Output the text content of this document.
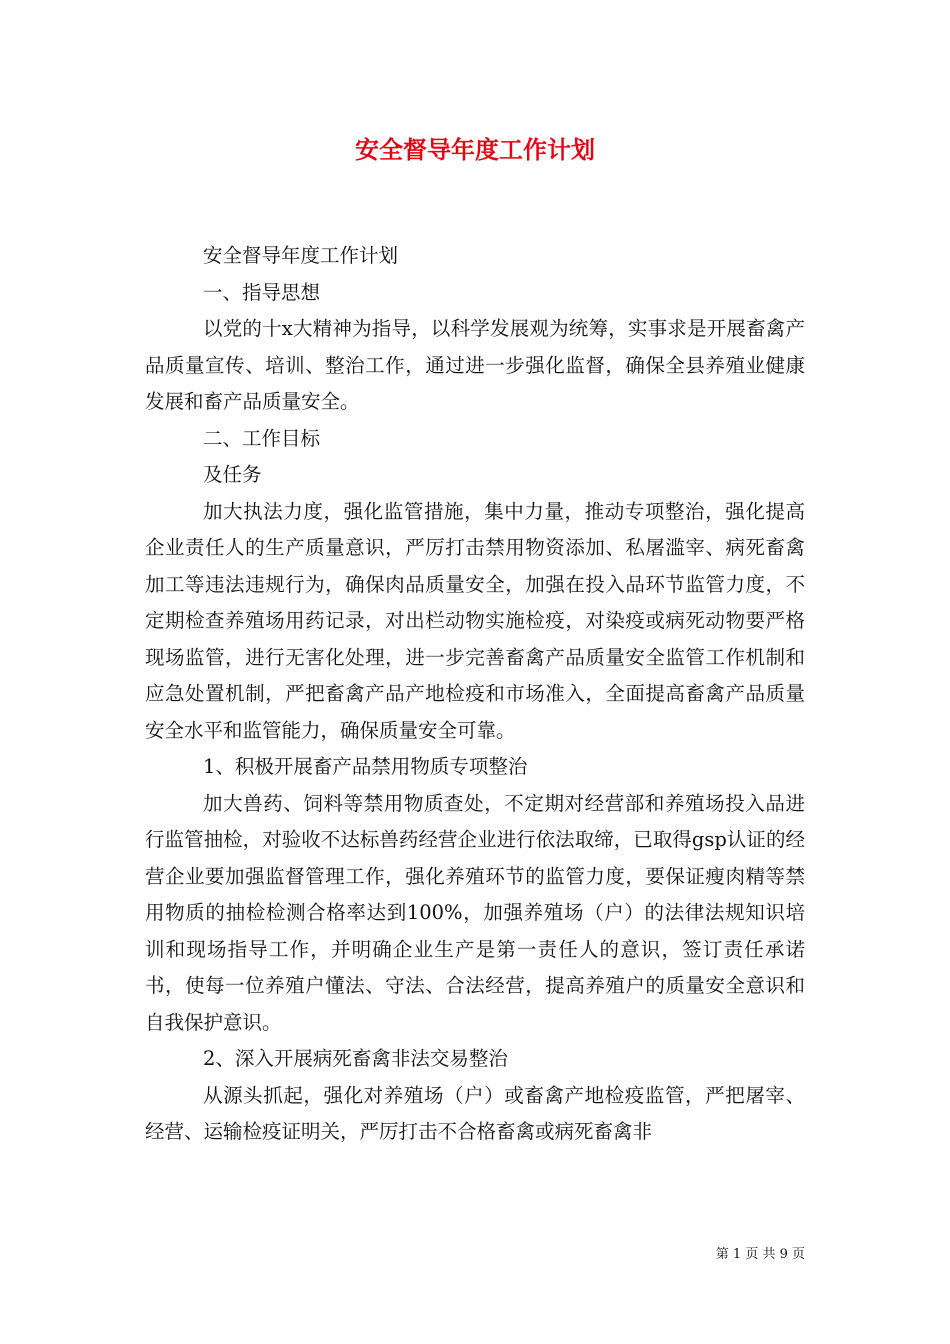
安全督导年度工作计划

安全督导年度工作计划

一、指导思想

以党的十x大精神为指导，以科学发展观为统筹，实事求是开展畜禽产品质量宣传、培训、整治工作，通过进一步强化监督，确保全县养殖业健康发展和畜产品质量安全。

二、工作目标

及任务

加大执法力度，强化监管措施，集中力量，推动专项整治，强化提高企业责任人的生产质量意识，严厉打击禁用物资添加、私屠滥宰、病死畜禽加工等违法违规行为，确保肉品质量安全，加强在投入品环节监管力度，不定期检查养殖场用药记录，对出栏动物实施检疫，对染疫或病死动物要严格现场监管，进行无害化处理，进一步完善畜禽产品质量安全监管工作机制和应急处置机制，严把畜禽产品产地检疫和市场准入，全面提高畜禽产品质量安全水平和监管能力，确保质量安全可靠。

1、积极开展畜产品禁用物质专项整治

加大兽药、饲料等禁用物质查处，不定期对经营部和养殖场投入品进行监管抽检，对验收不达标兽药经营企业进行依法取缔，已取得gsp认证的经营企业要加强监督管理工作，强化养殖环节的监管力度，要保证瘦肉精等禁用物质的抽检检测合格率达到100%，加强养殖场（户）的法律法规知识培训和现场指导工作，并明确企业生产是第一责任人的意识，签订责任承诺书，使每一位养殖户懂法、守法、合法经营，提高养殖户的质量安全意识和自我保护意识。

2、深入开展病死畜禽非法交易整治

从源头抓起，强化对养殖场（户）或畜禽产地检疫监管，严把屠宰、经营、运输检疫证明关，严厉打击不合格畜禽或病死畜禽非

第 1 页 共 9 页
